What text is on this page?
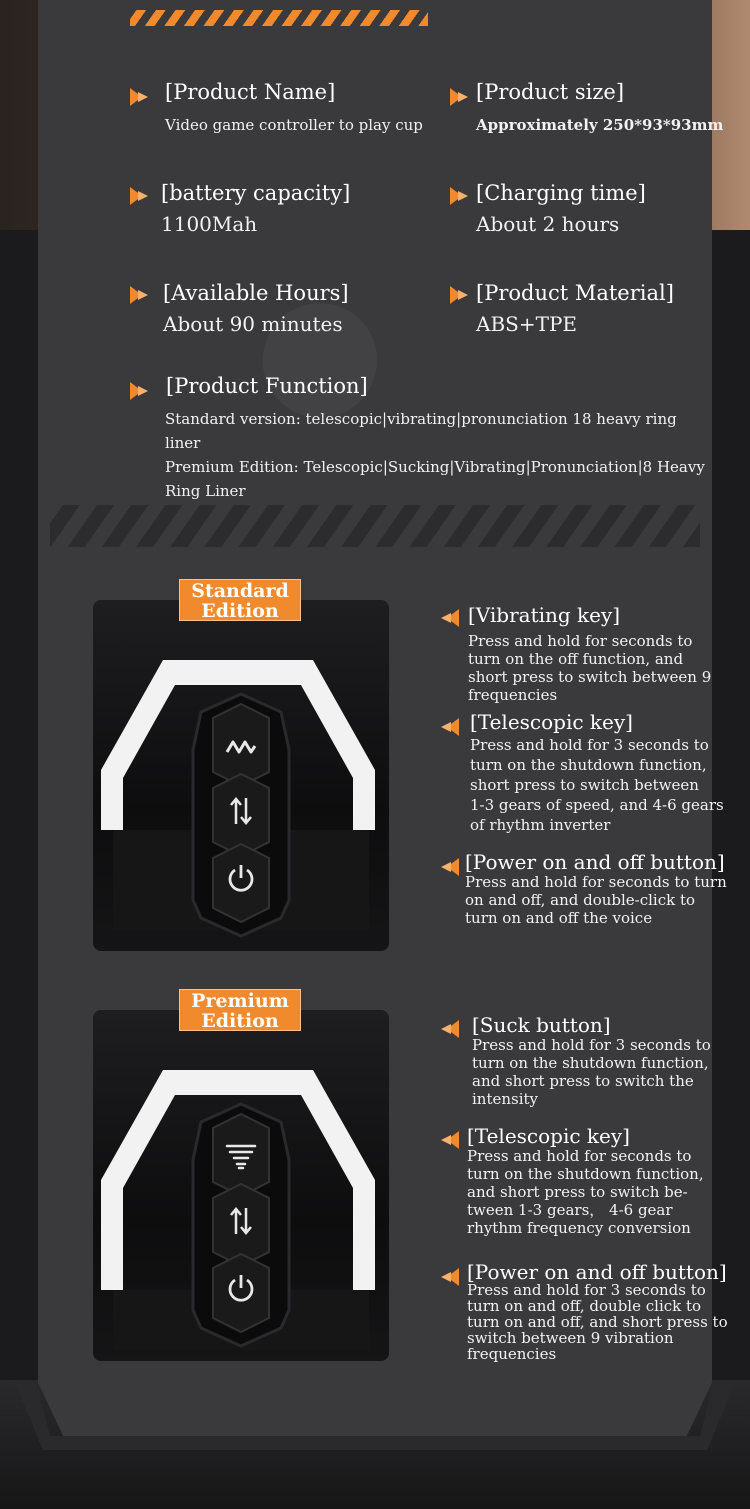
[Product Name]
Video game controller to play cup
[Product size]
Approximately 250*93*93mm
[battery capacity]
1100Mah
[Charging time]
About 2 hours
[Available Hours]
About 90 minutes
[Product Material]
ABS+TPE
[Product Function]
Standard version: telescopic|vibrating|pronunciation 18 heavy ring liner
Premium Edition: Telescopic|Sucking|Vibrating|Pronunciation|8 Heavy
Ring Liner
Standard
Edition	[Vibrating key]
Press and hold for seconds to
turn on the off function, and
short press to switch between 9
frequencies
[Telescopic key]
Press and hold for 3 seconds to
turn on the shutdown function,
short press to switch between
1-3 gears of speed, and 4-6 gears
of rhythm inverter
[Power on and off button]
Press and hold for seconds to turn
on and off, and double-click to
turn on and off the voice
Premium
Edition	[Suck button]
Press and hold for 3 seconds to
turn on the shutdown function,
and short press to switch the
intensity
[Telescopic key]
Press and hold for seconds to
turn on the shutdown function,
and short press to switch be-
tween 1-3 gears， 4-6 gear
rhythm frequency conversion
[Power on and off button]
Press and hold for 3 seconds to
turn on and off, double click to
turn on and off, and short press to
switch between 9 vibration
frequencies
